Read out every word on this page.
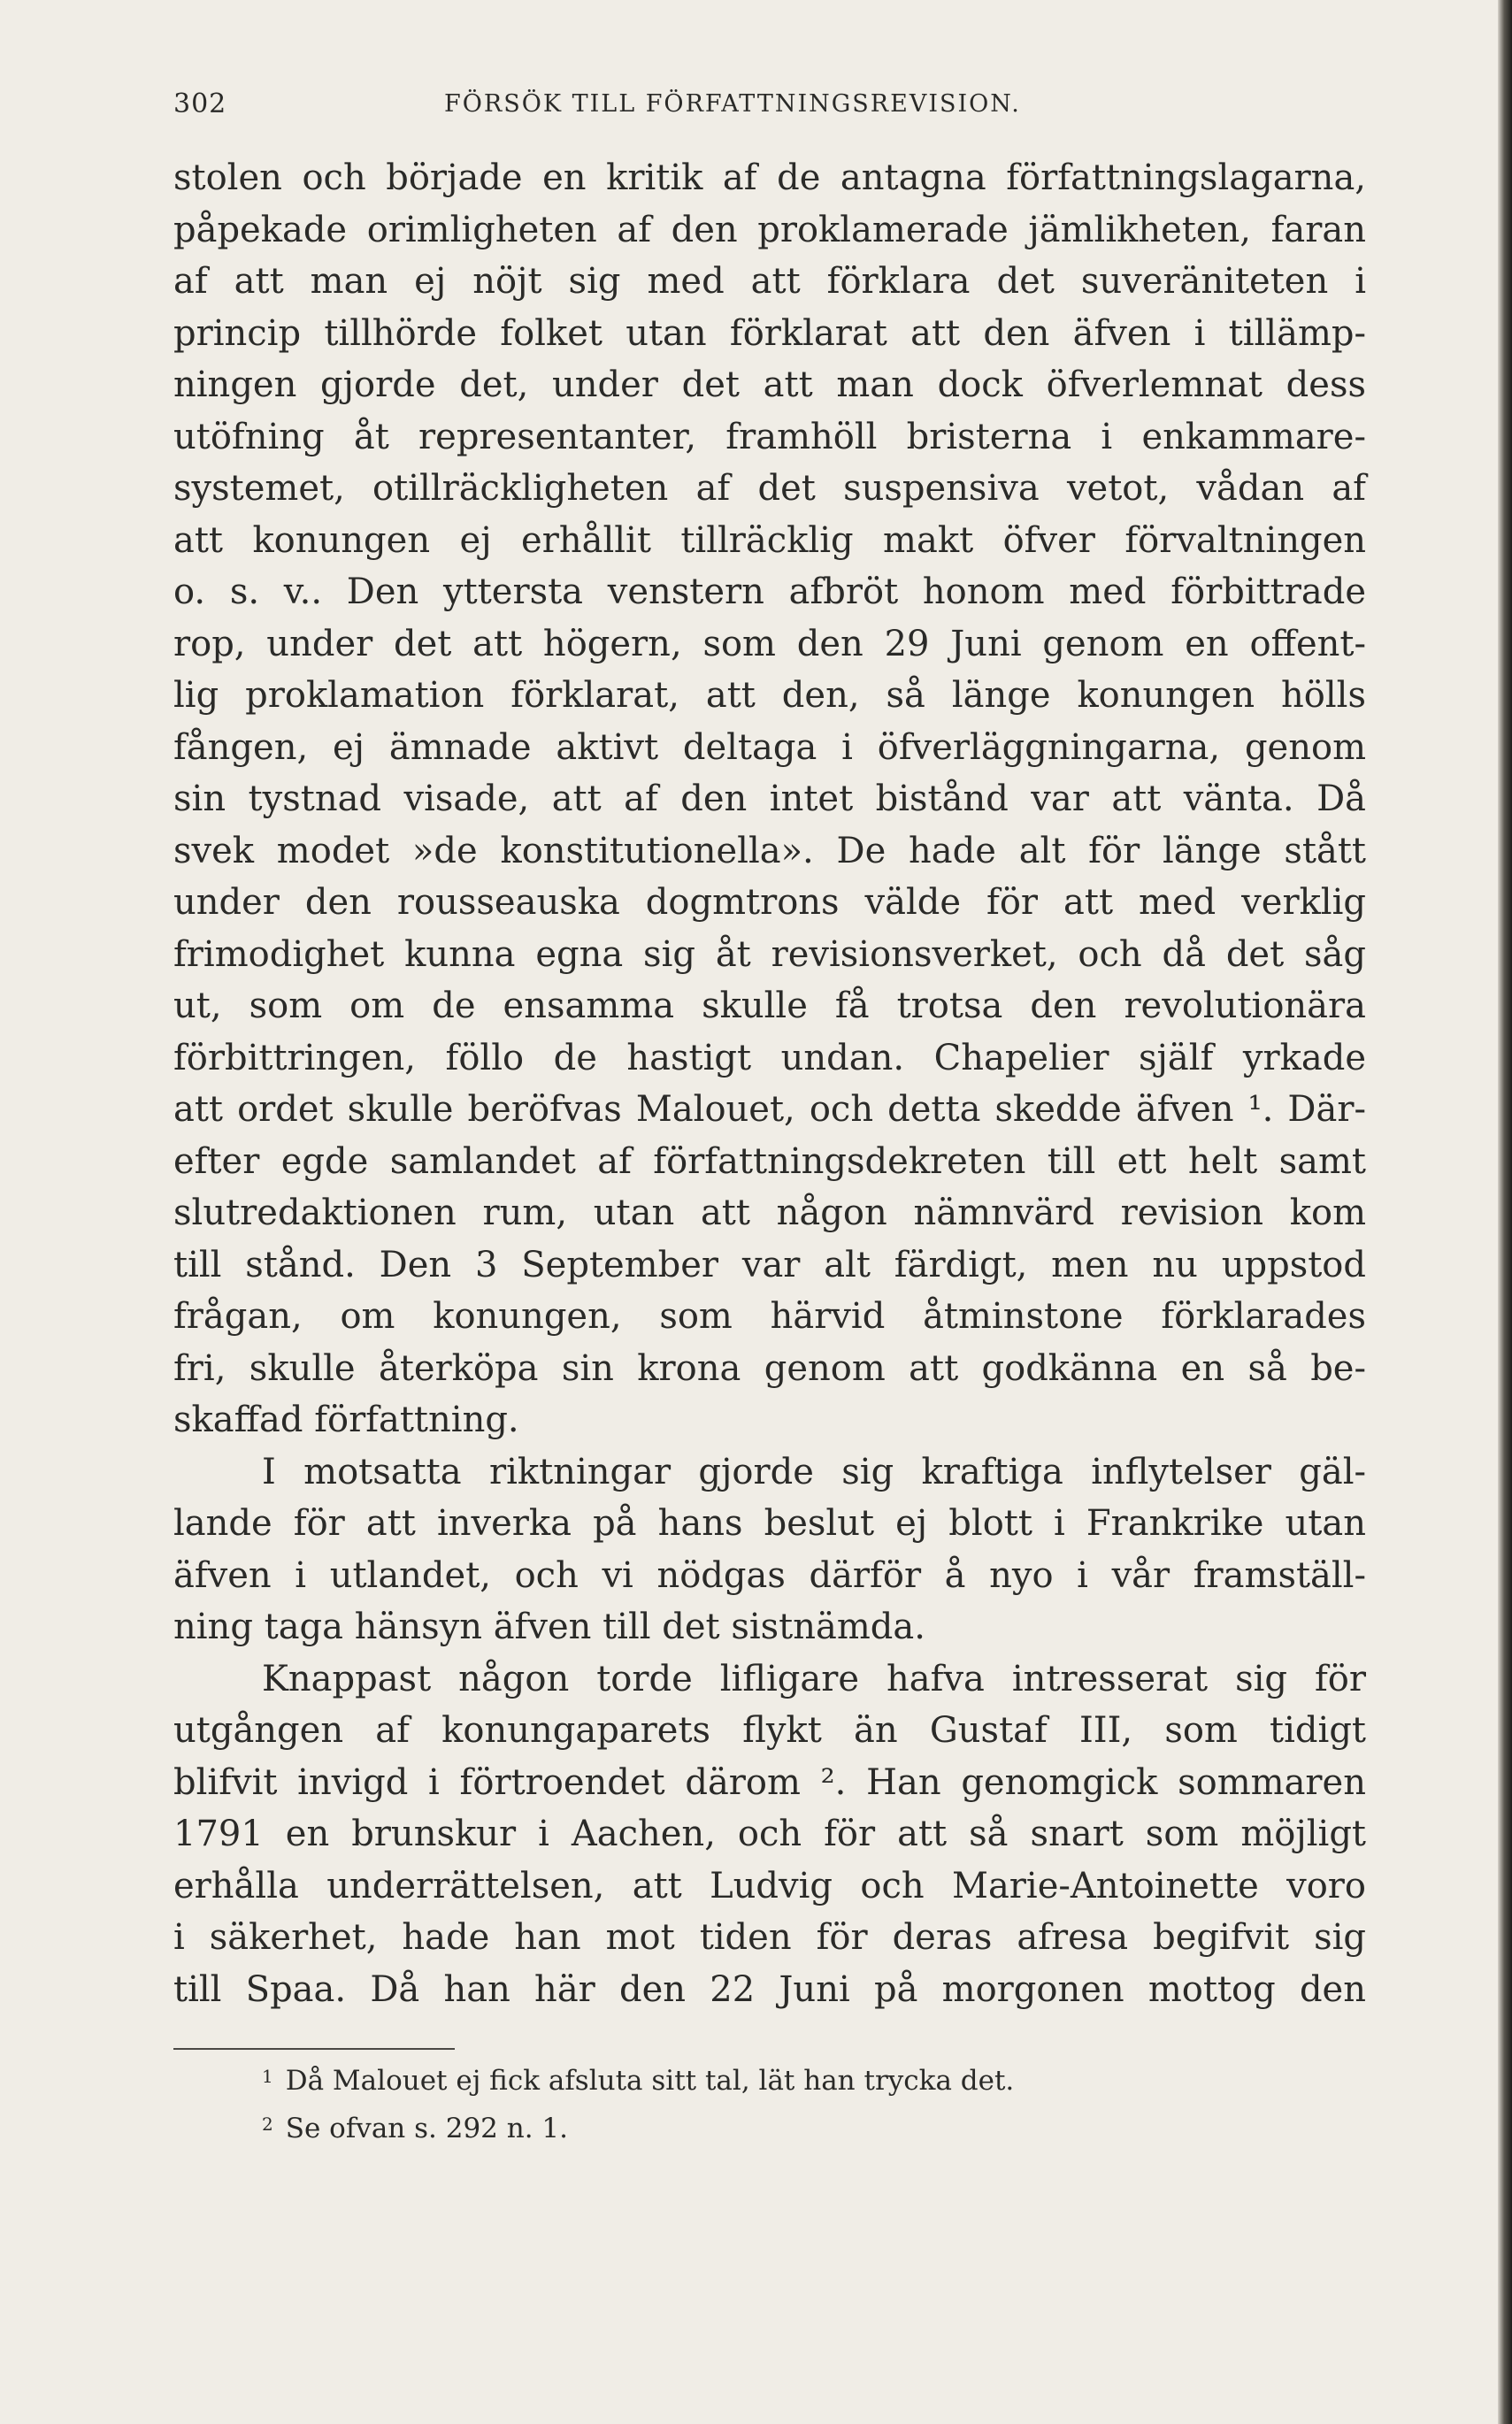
302	FÖRSÖK TILL FÖRFATTNINGSREVISION.
stolen och började en kritik af de antagna författningslagarna,
påpekade orimligheten af den proklamerade jämlikheten, faran
af att man ej nöjt sig med att förklara det suveräniteten i
princip tillhörde folket utan förklarat att den äfven i tillämp-
ningen gjorde det, under det att man dock öfverlemnat dess
utöfning åt representanter, framhöll bristerna i enkammare-
systemet, otillräckligheten af det suspensiva vetot, vådan af
att konungen ej erhållit tillräcklig makt öfver förvaltningen
o. s. v.. Den yttersta venstern afbröt honom med förbittrade
rop, under det att högern, som den 29 Juni genom en offent-
lig proklamation förklarat, att den, så länge konungen hölls
fången, ej ämnade aktivt deltaga i öfverläggningarna, genom
sin tystnad visade, att af den intet bistånd var att vänta. Då
svek modet »de konstitutionella». De hade alt för länge stått
under den rousseauska dogmtrons välde för att med verklig
frimodighet kunna egna sig åt revisionsverket, och då det såg
ut, som om de ensamma skulle få trotsa den revolutionära
förbittringen, föllo de hastigt undan. Chapelier själf yrkade
att ordet skulle beröfvas Malouet, och detta skedde äfven ¹. Där-
efter egde samlandet af författningsdekreten till ett helt samt
slutredaktionen rum, utan att någon nämnvärd revision kom
till stånd. Den 3 September var alt färdigt, men nu uppstod
frågan, om konungen, som härvid åtminstone förklarades
fri, skulle återköpa sin krona genom att godkänna en så be-
skaffad författning.
I motsatta riktningar gjorde sig kraftiga inflytelser gäl-
lande för att inverka på hans beslut ej blott i Frankrike utan
äfven i utlandet, och vi nödgas därför å nyo i vår framställ-
ning taga hänsyn äfven till det sistnämda.
Knappast någon torde lifligare hafva intresserat sig för
utgången af konungaparets flykt än Gustaf III, som tidigt
blifvit invigd i förtroendet därom ². Han genomgick sommaren
1791 en brunskur i Aachen, och för att så snart som möjligt
erhålla underrättelsen, att Ludvig och Marie-Antoinette voro
i säkerhet, hade han mot tiden för deras afresa begifvit sig
till Spaa. Då han här den 22 Juni på morgonen mottog den
$^1$ Då Malouet ej fick afsluta sitt tal, lät han trycka det.
$^2$ Se ofvan s. 292 n. 1.
